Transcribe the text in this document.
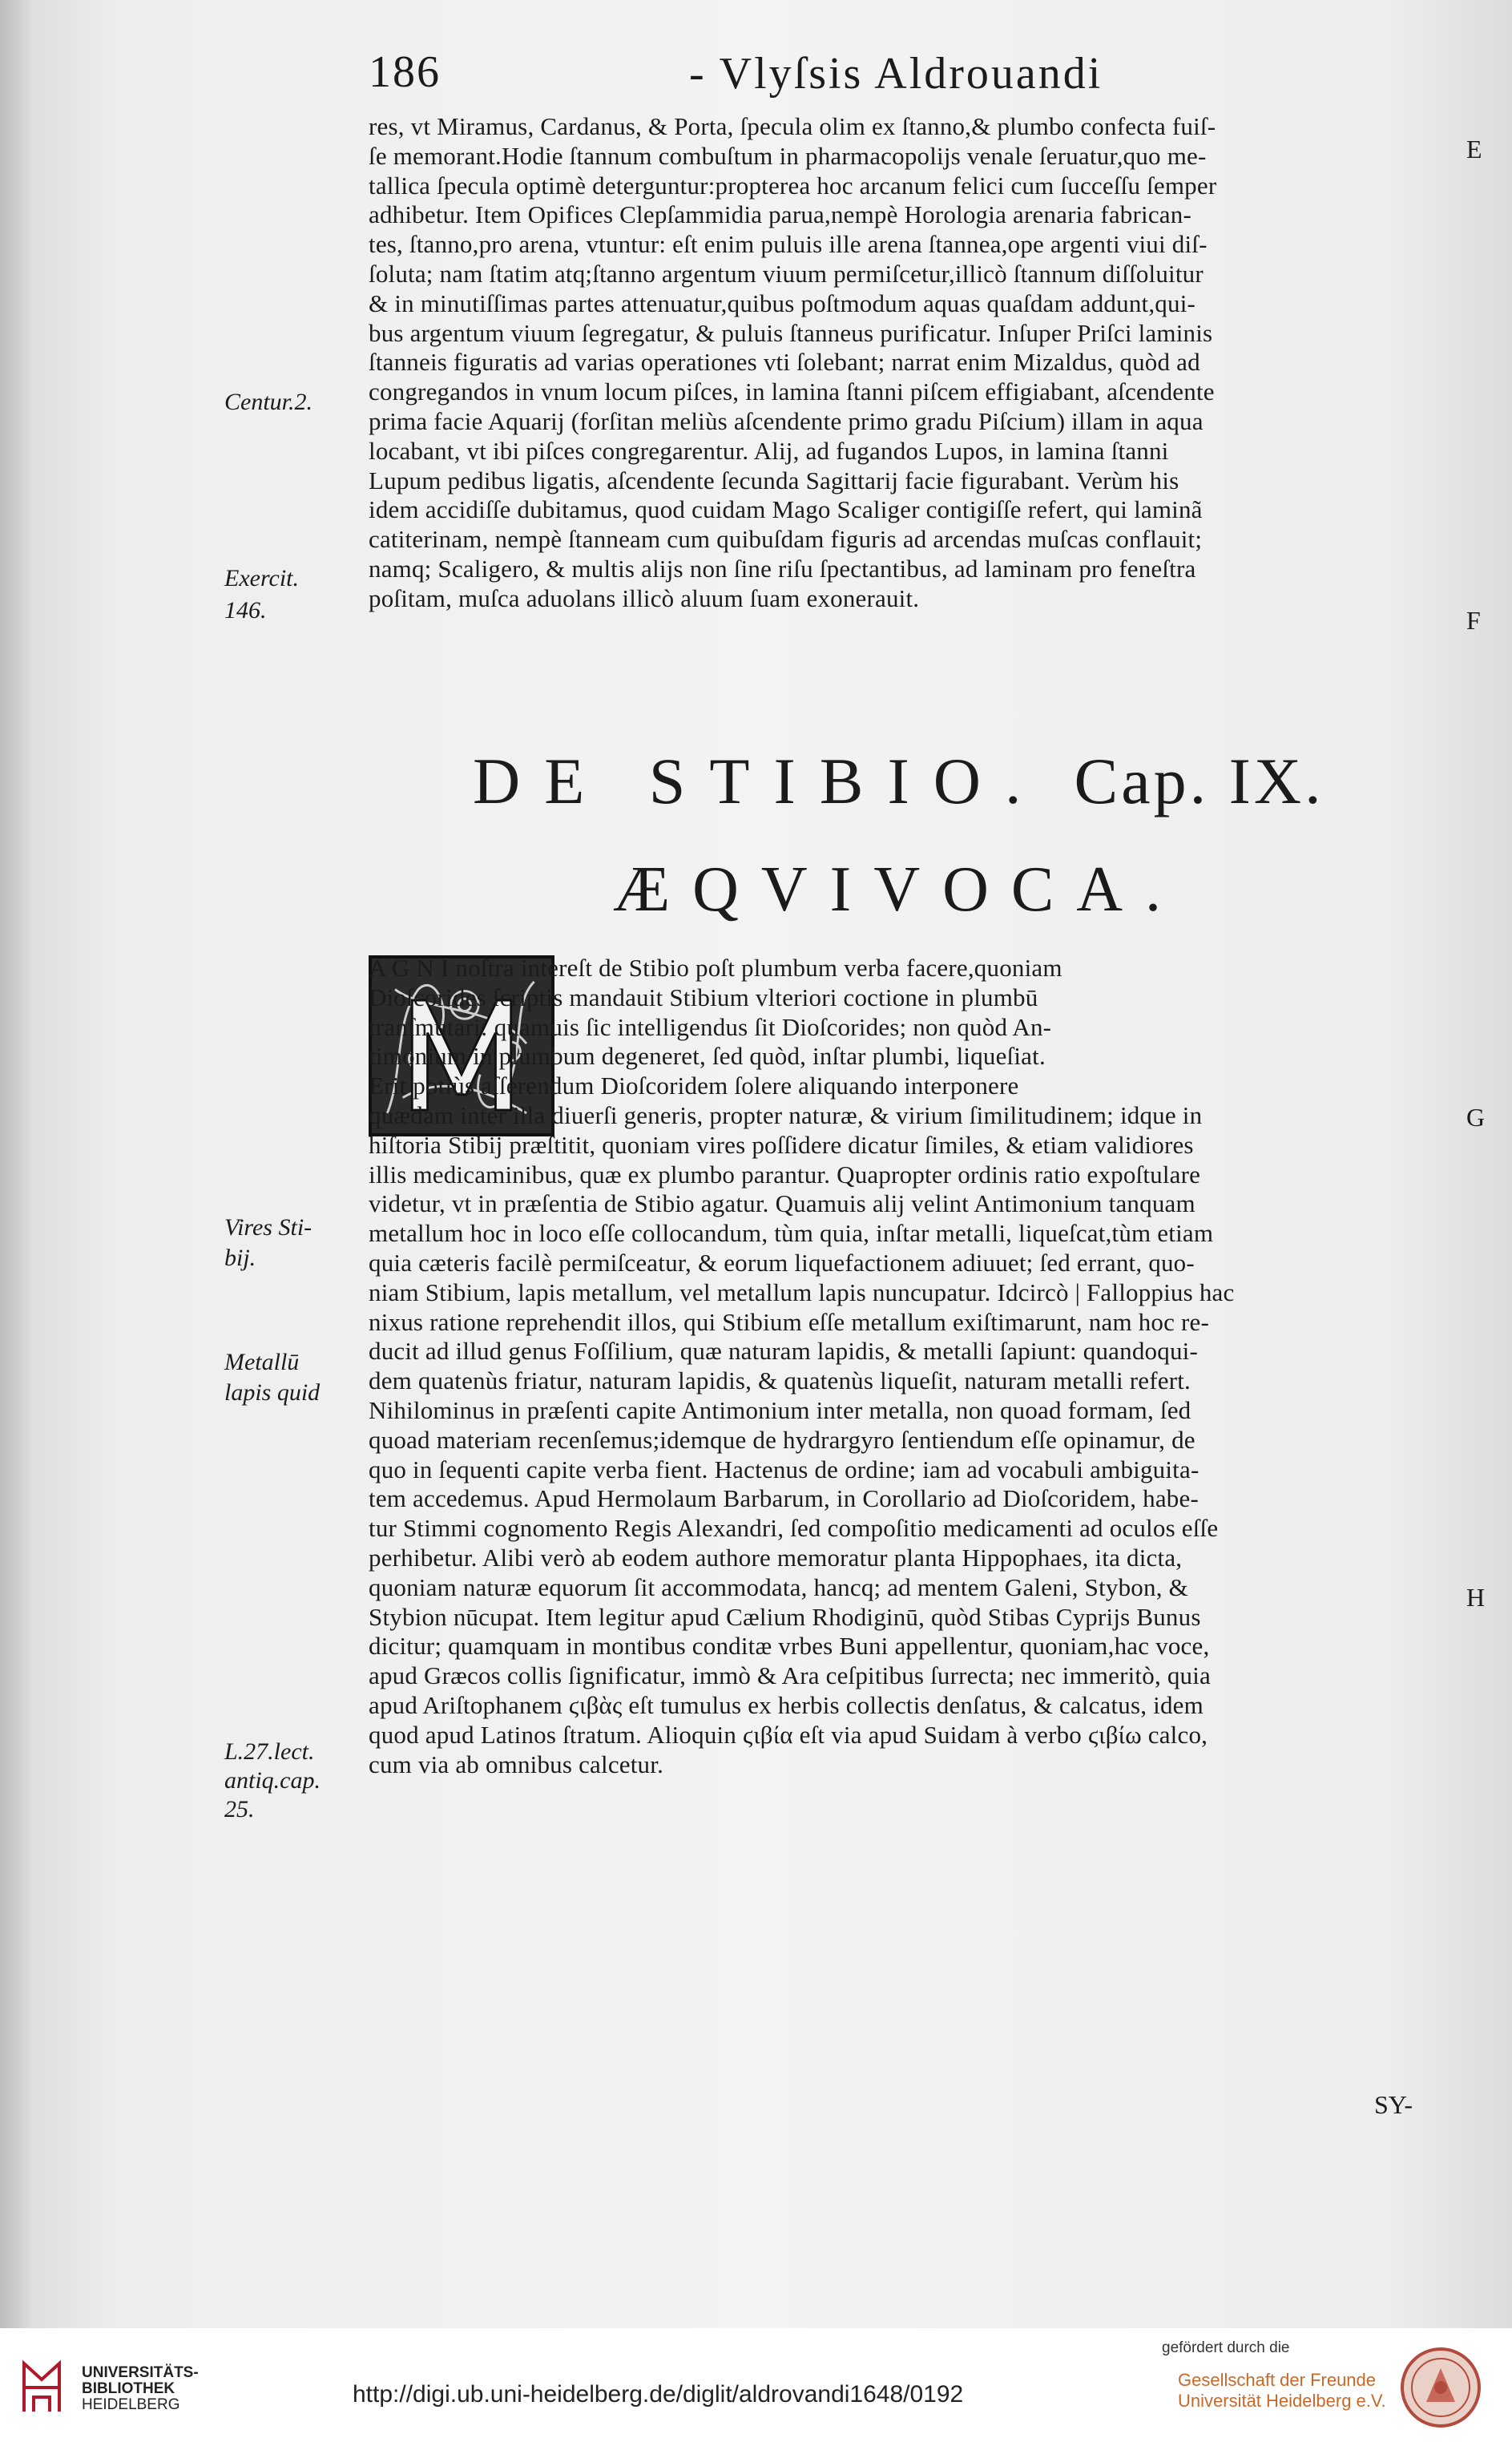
186	- Vlyſsis Aldrouandi
res, vt Miramus, Cardanus, & Porta, ſpecula olim ex ſtanno,& plumbo confecta fuiſ-
ſe memorant.Hodie ſtannum combuſtum in pharmacopolijs venale ſeruatur,quo me-
tallica ſpecula optimè deterguntur:propterea hoc arcanum felici cum ſucceſſu ſemper
adhibetur. Item Opifices Clepſammidia parua,nempè Horologia arenaria fabrican-
tes, ſtanno,pro arena, vtuntur: eſt enim puluis ille arena ſtannea,ope argenti viui diſ-
ſoluta; nam ſtatim atq;ſtanno argentum viuum permiſcetur,illicò ſtannum diſſoluitur
& in minutiſſimas partes attenuatur,quibus poſtmodum aquas quaſdam addunt,qui-
bus argentum viuum ſegregatur, & puluis ſtanneus purificatur. Inſuper Priſci laminis
ſtanneis figuratis ad varias operationes vti ſolebant; narrat enim Mizaldus, quòd ad
congregandos in vnum locum piſces, in lamina ſtanni piſcem effigiabant, aſcendente
prima facie Aquarij (forſitan meliùs aſcendente primo gradu Piſcium) illam in aqua
locabant, vt ibi piſces congregarentur. Alij, ad fugandos Lupos, in lamina ſtanni
Lupum pedibus ligatis, aſcendente ſecunda Sagittarij facie figurabant. Verùm his
idem accidiſſe dubitamus, quod cuidam Mago Scaliger contigiſſe refert, qui laminã
catiterinam, nempè ſtanneam cum quibuſdam figuris ad arcendas muſcas conflauit;
namq; Scaligero, & multis alijs non ſine riſu ſpectantibus, ad laminam pro feneſtra
poſitam, muſca aduolans illicò aluum ſuam exonerauit.
DE STIBIO. Cap. IX.
ÆQVIVOCA.
A G N I noſtra intereſt de Stibio poſt plumbum verba facere,quoniam
Dioſcorides ſcriptis mandauit Stibium vlteriori coctione in plumbū
tranſmutari: quamuis ſic intelligendus ſit Dioſcorides; non quòd An-
timonium in plumbum degeneret, ſed quòd, inſtar plumbi, liqueſiat.
Erit potiùs aſſerendum Dioſcoridem ſolere aliquando interponere
quædam inter illa diuerſi generis, propter naturæ, & virium ſimilitudinem; idque in
hiſtoria Stibij præſtitit, quoniam vires poſſidere dicatur ſimiles, & etiam validiores
illis medicaminibus, quæ ex plumbo parantur. Quapropter ordinis ratio expoſtulare
videtur, vt in præſentia de Stibio agatur. Quamuis alij velint Antimonium tanquam
metallum hoc in loco eſſe collocandum, tùm quia, inſtar metalli, liqueſcat,tùm etiam
quia cæteris facilè permiſceatur, & eorum liquefactionem adiuuet; ſed errant, quo-
niam Stibium, lapis metallum, vel metallum lapis nuncupatur. Idcircò | Falloppius hac
nixus ratione reprehendit illos, qui Stibium eſſe metallum exiſtimarunt, nam hoc re-
ducit ad illud genus Foſſilium, quæ naturam lapidis, & metalli ſapiunt: quandoqui-
dem quatenùs friatur, naturam lapidis, & quatenùs liqueſit, naturam metalli refert.
Nihilominus in præſenti capite Antimonium inter metalla, non quoad formam, ſed
quoad materiam recenſemus;idemque de hydrargyro ſentiendum eſſe opinamur, de
quo in ſequenti capite verba fient. Hactenus de ordine; iam ad vocabuli ambiguita-
tem accedemus. Apud Hermolaum Barbarum, in Corollario ad Dioſcoridem, habe-
tur Stimmi cognomento Regis Alexandri, ſed compoſitio medicamenti ad oculos eſſe
perhibetur. Alibi verò ab eodem authore memoratur planta Hippophaes, ita dicta,
quoniam naturæ equorum ſit accommodata, hancq; ad mentem Galeni, Stybon, &
Stybion nūcupat. Item legitur apud Cælium Rhodiginū, quòd Stibas Cyprijs Bunus
dicitur; quamquam in montibus conditæ vrbes Buni appellentur, quoniam,hac voce,
apud Græcos collis ſignificatur, immò & Ara ceſpitibus ſurrecta; nec immeritò, quia
apud Ariſtophanem ϛιβὰς eſt tumulus ex herbis collectis denſatus, & calcatus, idem
quod apud Latinos ſtratum. Alioquin ϛιβία eſt via apud Suidam à verbo ϛιβίω calco,
cum via ab omnibus calcetur.
Centur.2.
Exercit.
146.
Vires Sti-
bij.
Metallū
lapis quid
L.27.lect.
antiq.cap.
25.
E
F
G
H
SY-
UNIVERSITÄTS-
BIBLIOTHEK
HEIDELBERG	http://digi.ub.uni-heidelberg.de/diglit/aldrovandi1648/0192
gefördert durch die
Gesellschaft der Freunde
Universität Heidelberg e.V.
